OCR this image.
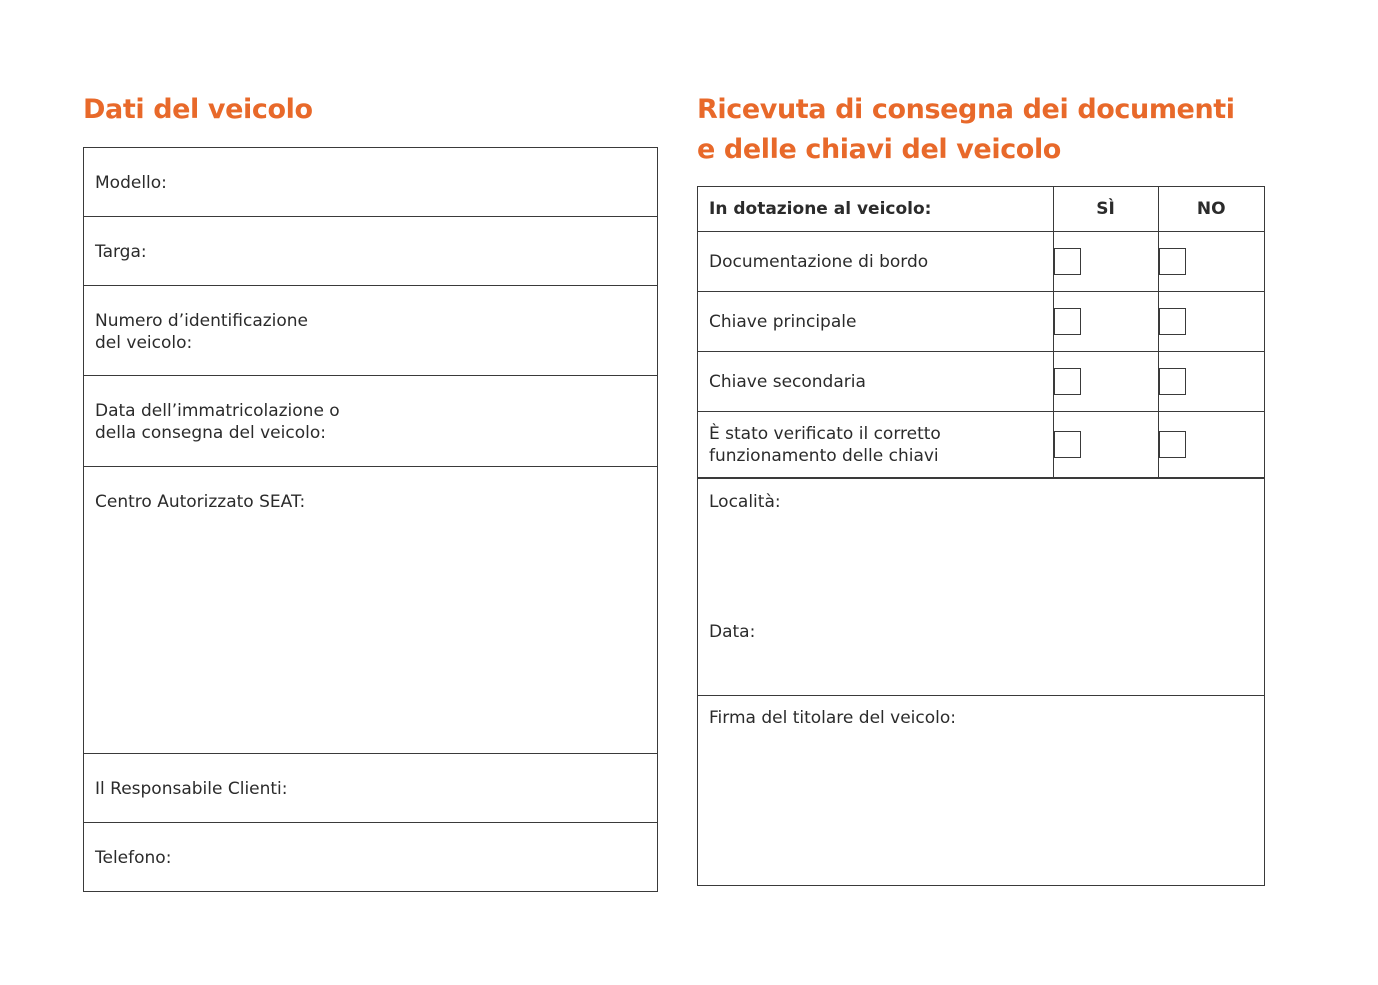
Dati del veicolo
Modello:
Targa:
Numero d’identificazione
del veicolo:
Data dell’immatricolazione o
della consegna del veicolo:
Centro Autorizzato SEAT:
Il Responsabile Clienti:
Telefono:
Ricevuta di consegna dei documenti
e delle chiavi del veicolo
In dotazione al veicolo:	SÌ	NO
Documentazione di bordo	

Chiave principale	

Chiave secondaria	

È stato verificato il corretto
funzionamento delle chiavi		

Località:
Data:
Firma del titolare del veicolo:
